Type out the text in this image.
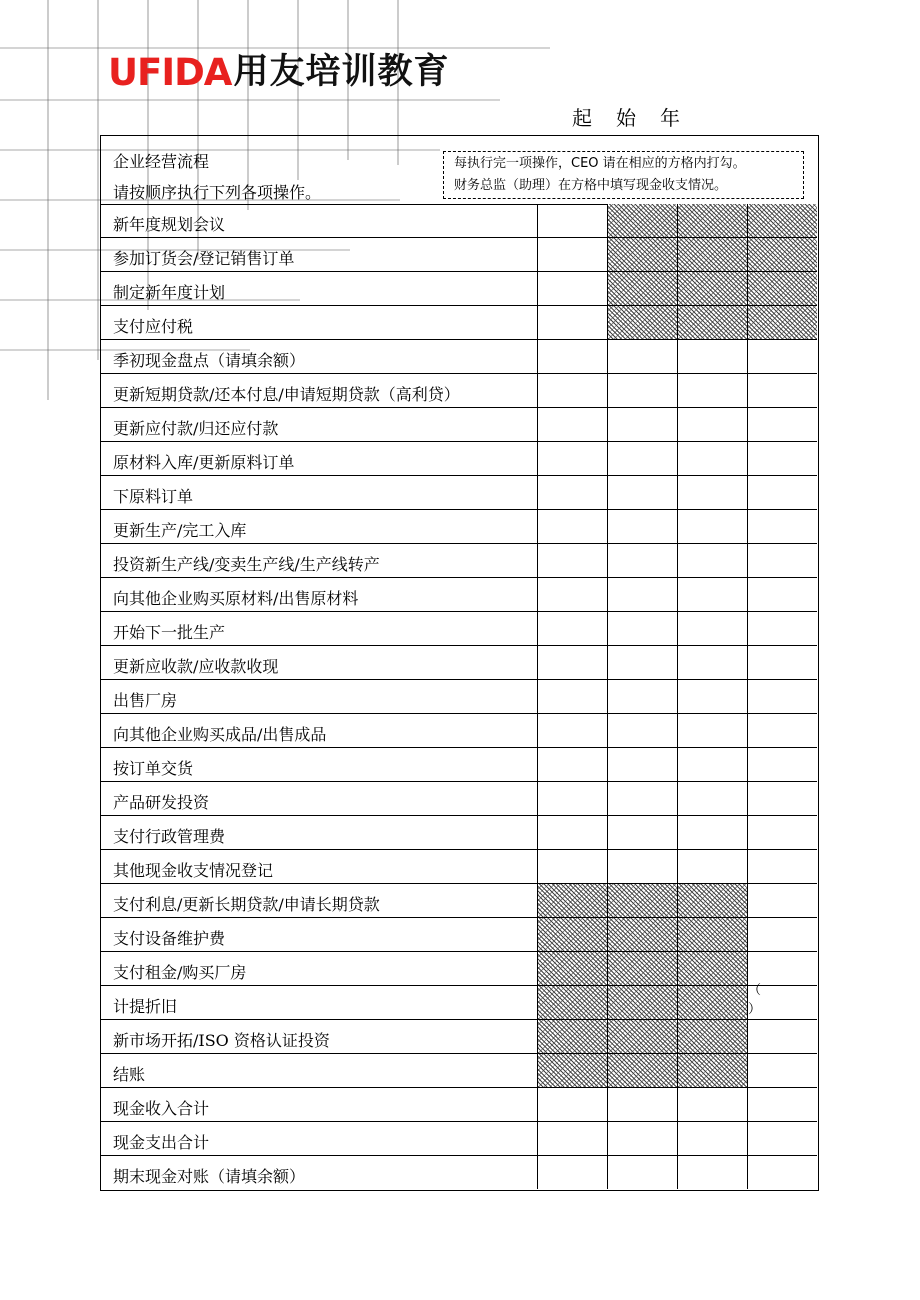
UFIDA 用友培训教育
起始年
企业经营流程
请按顺序执行下列各项操作。
每执行完一项操作，CEO 请在相应的方格内打勾。
财务总监（助理）在方格中填写现金收支情况。
新年度规划会议
参加订货会/登记销售订单
制定新年度计划
支付应付税
季初现金盘点（请填余额）
更新短期贷款/还本付息/申请短期贷款（高利贷）
更新应付款/归还应付款
原材料入库/更新原料订单
下原料订单
更新生产/完工入库
投资新生产线/变卖生产线/生产线转产
向其他企业购买原材料/出售原材料
开始下一批生产
更新应收款/应收款收现
出售厂房
向其他企业购买成品/出售成品
按订单交货
产品研发投资
支付行政管理费
其他现金收支情况登记
支付利息/更新长期贷款/申请长期贷款
支付设备维护费
支付租金/购买厂房
计提折旧
（ ）
新市场开拓/ISO 资格认证投资
结账
现金收入合计
现金支出合计
期末现金对账（请填余额）
